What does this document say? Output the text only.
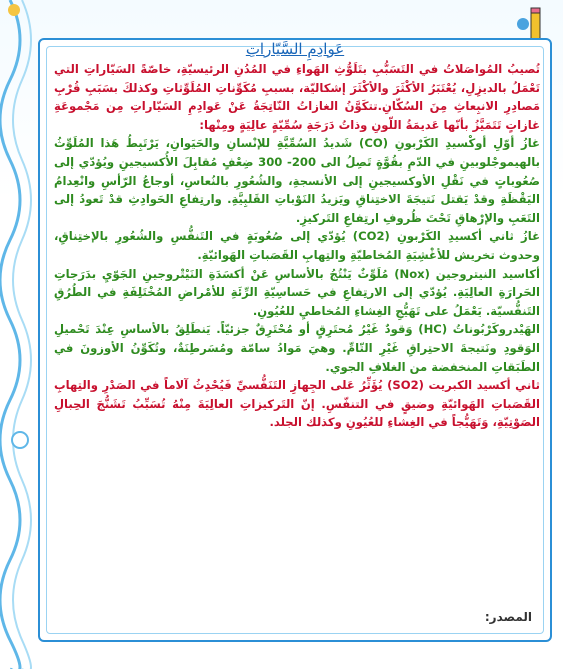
عَوادِمِ السَّيّاراتِ

تُصيبُ المُواصَلاتُ في التَسَبُّبِ بتَلَوُّثِ الهَواءِ في المُدُنِ الرئيسيّةِ، خاصّةً السَيّاراتِ التي تَعْمَلُ بالديزِلِ، يُعْتَبَرُ الأكْثَرَ والأكْثَرَ إشكاليّة، بسببِ مُكَوِّناتِ المُلَوِّثاتِ وكذلكَ بسَبَبِ قُرْبِ مَصادِرِ الانبِعاثِ مِنَ السُكّانِ.تتكَوَّنُ الغازاتُ النّاتِجَةُ عَنْ عَوادِمِ السَيّاراتِ مِن مَجْموعَةِ غازاتٍ تَتَمَيَّزُ بأنّها عَديمَةُ اللّونِ وذاتُ دَرَجَةِ سُمِّيّةٍ عالِيَةٍ ومِنْها:

غازُ أوّلِ أوكْسيدِ الكَرْبونِ (CO) شَديدُ السُمِّيَّةِ للإنْسانِ والحَيَوانِ، يَرْتَبِطُ هَذا المُلَوِّثُ بالهيموجْلوبينِ في الدّمِ بقُوَّةٍ تَصِلُ الى 200- 300 ضِعْفٍ مُقابِلَ الأُكسيجينِ ويُؤدّي إلى صُعُوباتٍ في نَقْلِ الأوكسيجينِ إلى الأنسجةِ، والشُعُورِ بالنُعاسِ، أوجاعُ الرّأسِ وانْعِدامُ اليَقْظَةِ وقدْ يَقتل نَتيجَةَ الاختِناقِ ويَزيدُ النَوْباتِ القَلبِيَّةِ. وارتِفاعِ الحَوادِثِ قدْ تَعودُ إلى التَعَبِ والإرْهاقِ تَحْتَ ظُروفِ ارتِفاعِ التَركيزِ.

غازُ ثاني أكسيدِ الكَرْبونِ (CO2) يُؤدّي إلى صُعُوبَةٍ في التَنفُّسِ والشُعُورِ بالإختِناقِ، وحدوث تخريش للأغْشِيَةِ المُخاطيّةِ والتِهابِ القَصَباتِ الهَوائيّةِ.

أكاسيد النيتروجين (Nox) مُلَوِّثٌ يَنْتُجُ بالأساسِ عَنْ أكسَدَةِ النَيْتْروجينِ الجَوّيِ بدَرَجاتِ الحَرارَةِ العالِيَةِ. يُؤدّي إلى الارتِفاعِ في حَساسِيّةِ الرِّئَةِ للأمْراضِ المُخْتَلِفَةِ في الطُرُقِ التَنفُّسيّة. يَعْمَلُ على تَهَيُّجِ الغِشاءِ المُخاطيِ للعُيُونِ.

الهَيْدروكَرْبُوناتُ (HC) وَقودٌ غَيْرُ مُحتَرِقٍ أو مُحْتَرِقٌ جزئيّاً. يَنطَلِقُ بالأساسِ عِنْدَ تَحْميلِ الوَقودِ ونَتيجةَ الاحتِراقِ غَيْرِ التّامِّ. وهيَ مَوادُ سامّة ومُسَرطِنَةٌ، وتُكَوِّنُ الأوزونَ في الطَبَقاتِ المنخفضة من الغلافِ الجوي.

ثاني أكسيد الكبريت (SO2) يُؤَثِّرُ عَلى الجِهازِ التَنَفُّسيِّ فَيُحْدِثُ آلاماً في الصَدْرِ والتِهابِ القَصَباتِ الهَوائيّةِ وضيقٍ في التنفّسِ. إنّ التَركيزاتِ العالِيَةَ مِنْهُ تُسَبِّبُ تَشَنُّجَ الحِبالِ الصَوْتِيّةِ، وَتَهَيُّجاً في الغِشاءِ للعُيُونِ وكذلك الجلد.

المصدر:
